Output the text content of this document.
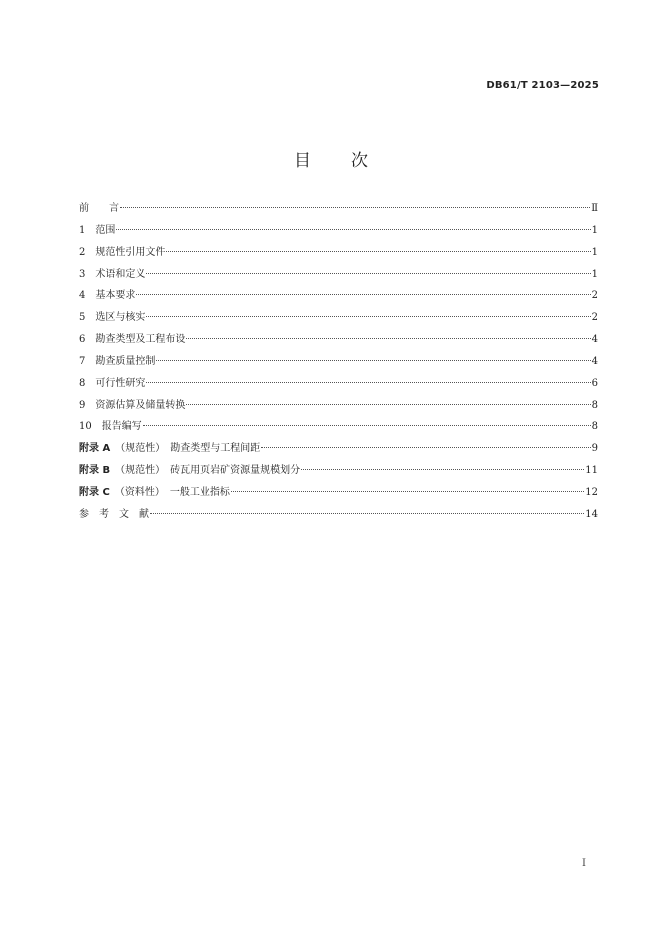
DB61/T 2103—2025
目 次
前　　言	Ⅱ
1　范围	1
2　规范性引用文件	1
3　术语和定义	1
4　基本要求	2
5　选区与核实	2
6　勘查类型及工程布设	4
7　勘查质量控制	4
8　可行性研究	6
9　资源估算及储量转换	8
10　报告编写	8
附录 A　（规范性）　勘查类型与工程间距	9
附录 B　（规范性）　砖瓦用页岩矿资源量规模划分	11
附录 C　（资料性）　一般工业指标	12
参　考　文　献	14
I
